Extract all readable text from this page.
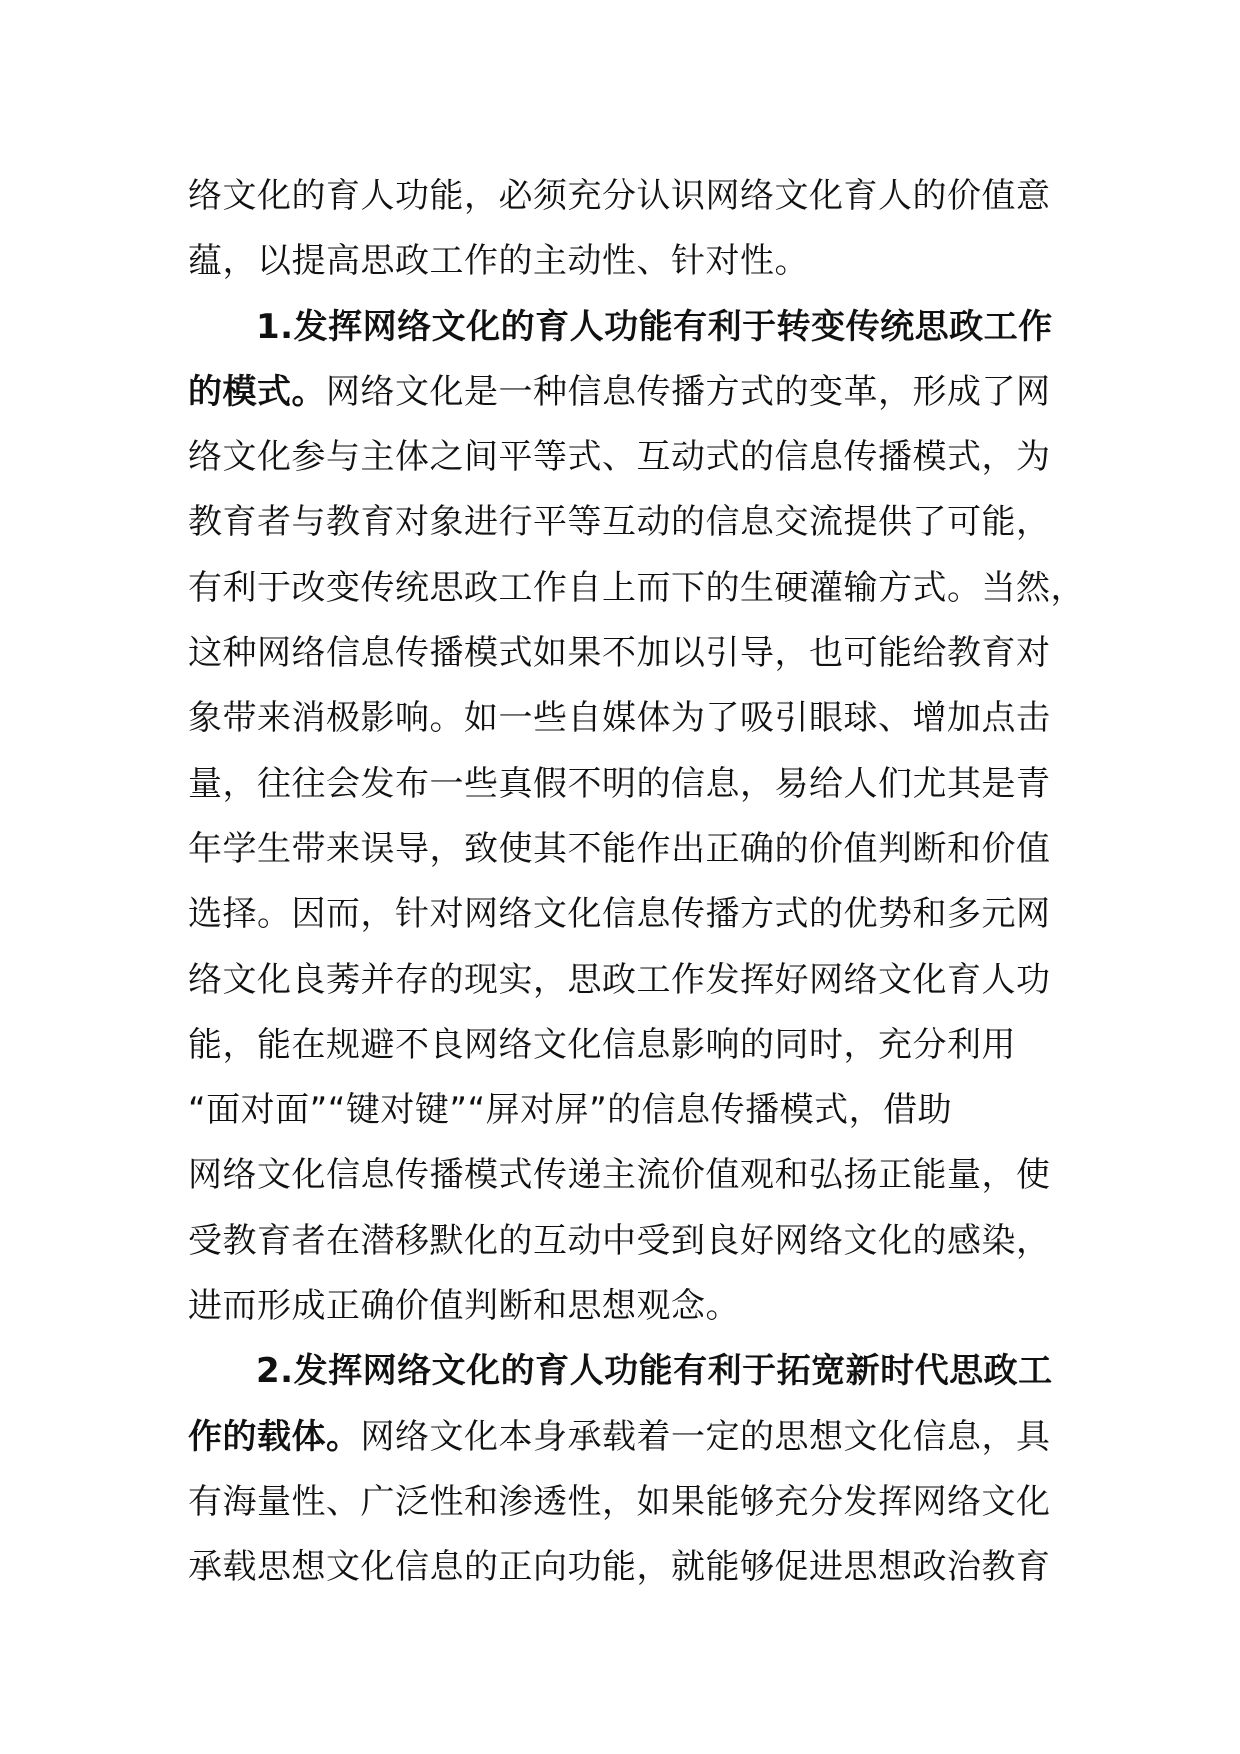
络文化的育人功能，必须充分认识网络文化育人的价值意
蕴，以提高思政工作的主动性、针对性。
1.发挥网络文化的育人功能有利于转变传统思政工作
的模式。网络文化是一种信息传播方式的变革，形成了网
络文化参与主体之间平等式、互动式的信息传播模式，为
教育者与教育对象进行平等互动的信息交流提供了可能，
有利于改变传统思政工作自上而下的生硬灌输方式。当然，
这种网络信息传播模式如果不加以引导，也可能给教育对
象带来消极影响。如一些自媒体为了吸引眼球、增加点击
量，往往会发布一些真假不明的信息，易给人们尤其是青
年学生带来误导，致使其不能作出正确的价值判断和价值
选择。因而，针对网络文化信息传播方式的优势和多元网
络文化良莠并存的现实，思政工作发挥好网络文化育人功
能，能在规避不良网络文化信息影响的同时，充分利用
“面对面”“键对键”“屏对屏”的信息传播模式，借助
网络文化信息传播模式传递主流价值观和弘扬正能量，使
受教育者在潜移默化的互动中受到良好网络文化的感染，
进而形成正确价值判断和思想观念。
2.发挥网络文化的育人功能有利于拓宽新时代思政工
作的载体。网络文化本身承载着一定的思想文化信息，具
有海量性、广泛性和渗透性，如果能够充分发挥网络文化
承载思想文化信息的正向功能，就能够促进思想政治教育
